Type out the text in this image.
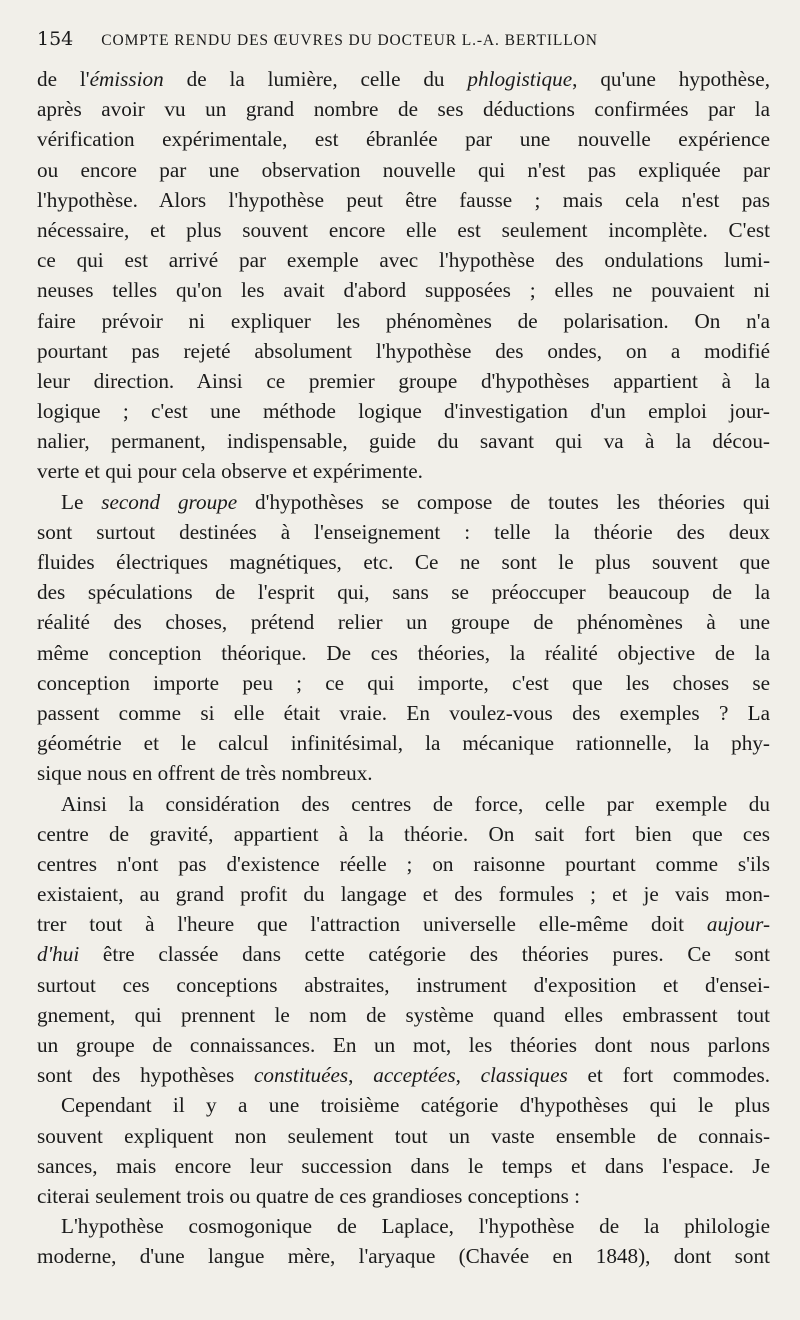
154 COMPTE RENDU DES ŒUVRES DU DOCTEUR L.-A. BERTILLON
de l'émission de la lumière, celle du phlogistique, qu'une hypothèse,
après avoir vu un grand nombre de ses déductions confirmées par la
vérification expérimentale, est ébranlée par une nouvelle expérience
ou encore par une observation nouvelle qui n'est pas expliquée par
l'hypothèse. Alors l'hypothèse peut être fausse ; mais cela n'est pas
nécessaire, et plus souvent encore elle est seulement incomplète. C'est
ce qui est arrivé par exemple avec l'hypothèse des ondulations lumi-
neuses telles qu'on les avait d'abord supposées ; elles ne pouvaient ni
faire prévoir ni expliquer les phénomènes de polarisation. On n'a
pourtant pas rejeté absolument l'hypothèse des ondes, on a modifié
leur direction. Ainsi ce premier groupe d'hypothèses appartient à la
logique ; c'est une méthode logique d'investigation d'un emploi jour-
nalier, permanent, indispensable, guide du savant qui va à la décou-
verte et qui pour cela observe et expérimente.
Le second groupe d'hypothèses se compose de toutes les théories qui
sont surtout destinées à l'enseignement : telle la théorie des deux
fluides électriques magnétiques, etc. Ce ne sont le plus souvent que
des spéculations de l'esprit qui, sans se préoccuper beaucoup de la
réalité des choses, prétend relier un groupe de phénomènes à une
même conception théorique. De ces théories, la réalité objective de la
conception importe peu ; ce qui importe, c'est que les choses se
passent comme si elle était vraie. En voulez-vous des exemples ? La
géométrie et le calcul infinitésimal, la mécanique rationnelle, la phy-
sique nous en offrent de très nombreux.
Ainsi la considération des centres de force, celle par exemple du
centre de gravité, appartient à la théorie. On sait fort bien que ces
centres n'ont pas d'existence réelle ; on raisonne pourtant comme s'ils
existaient, au grand profit du langage et des formules ; et je vais mon-
trer tout à l'heure que l'attraction universelle elle-même doit aujour-
d'hui être classée dans cette catégorie des théories pures. Ce sont
surtout ces conceptions abstraites, instrument d'exposition et d'ensei-
gnement, qui prennent le nom de système quand elles embrassent tout
un groupe de connaissances. En un mot, les théories dont nous parlons
sont des hypothèses constituées, acceptées, classiques et fort commodes.
Cependant il y a une troisième catégorie d'hypothèses qui le plus
souvent expliquent non seulement tout un vaste ensemble de connais-
sances, mais encore leur succession dans le temps et dans l'espace. Je
citerai seulement trois ou quatre de ces grandioses conceptions :
L'hypothèse cosmogonique de Laplace, l'hypothèse de la philologie
moderne, d'une langue mère, l'aryaque (Chavée en 1848), dont sont
